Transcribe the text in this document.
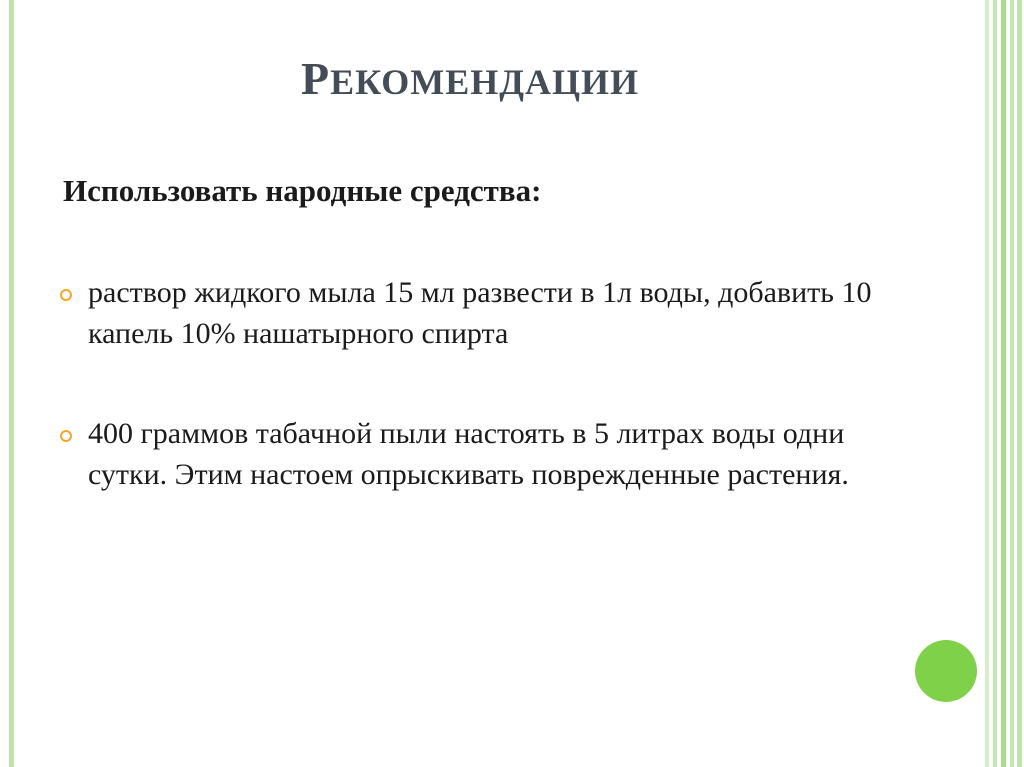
РЕКОМЕНДАЦИИ
Использовать народные средства:
раствор жидкого мыла 15 мл развести в 1л воды, добавить 10 капель 10% нашатырного спирта
400 граммов табачной пыли настоять в 5 литрах воды одни сутки. Этим настоем опрыскивать поврежденные растения.
